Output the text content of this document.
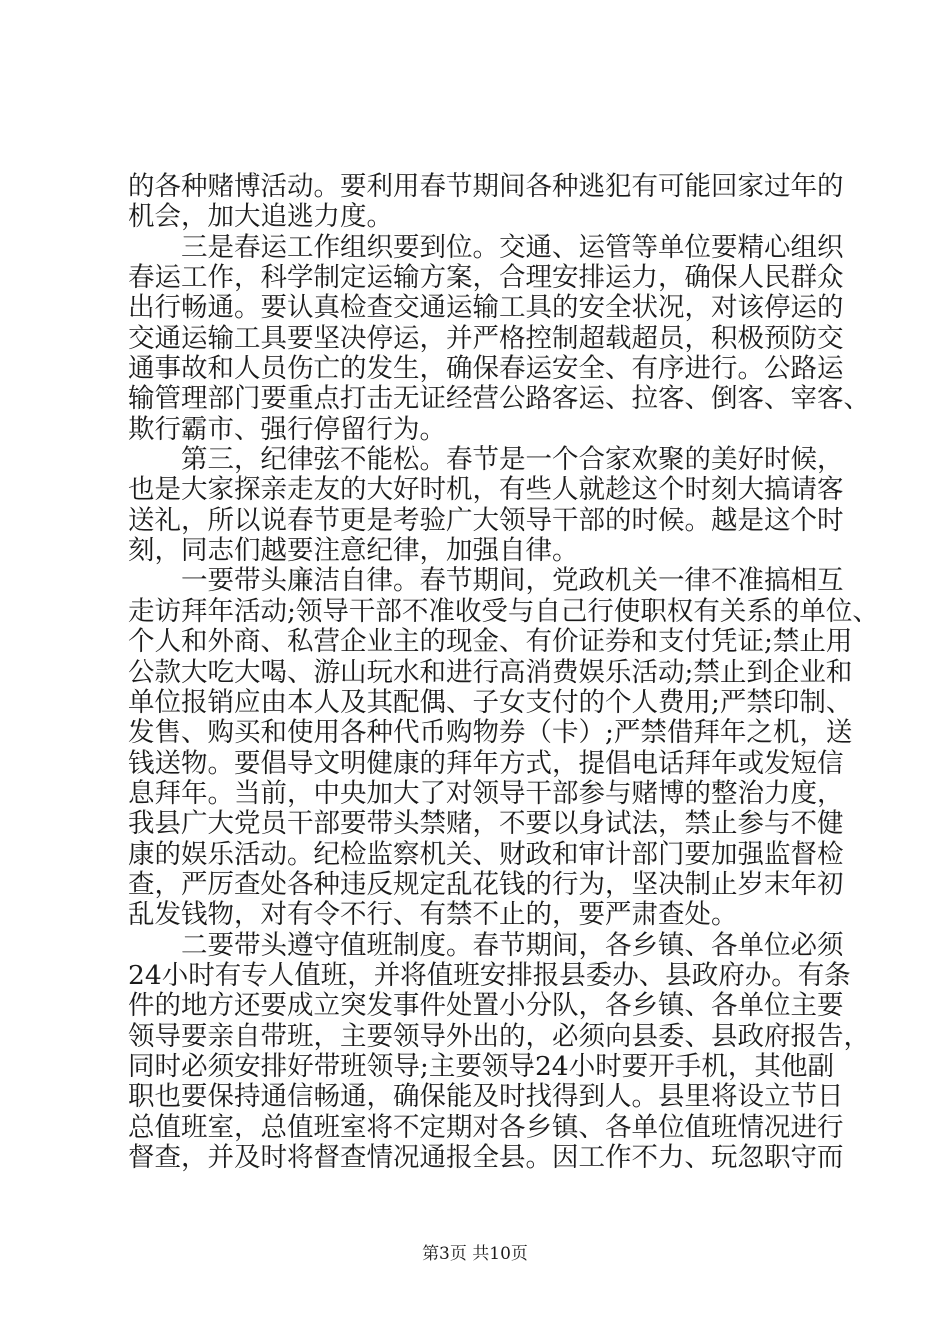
的各种赌博活动。要利用春节期间各种逃犯有可能回家过年的
机会，加大追逃力度。
三是春运工作组织要到位。交通、运管等单位要精心组织
春运工作，科学制定运输方案，合理安排运力，确保人民群众
出行畅通。要认真检查交通运输工具的安全状况，对该停运的
交通运输工具要坚决停运，并严格控制超载超员，积极预防交
通事故和人员伤亡的发生，确保春运安全、有序进行。公路运
输管理部门要重点打击无证经营公路客运、拉客、倒客、宰客、
欺行霸市、强行停留行为。
第三，纪律弦不能松。春节是一个合家欢聚的美好时候，
也是大家探亲走友的大好时机，有些人就趁这个时刻大搞请客
送礼，所以说春节更是考验广大领导干部的时候。越是这个时
刻，同志们越要注意纪律，加强自律。
一要带头廉洁自律。春节期间，党政机关一律不准搞相互
走访拜年活动;领导干部不准收受与自己行使职权有关系的单位、
个人和外商、私营企业主的现金、有价证券和支付凭证;禁止用
公款大吃大喝、游山玩水和进行高消费娱乐活动;禁止到企业和
单位报销应由本人及其配偶、子女支付的个人费用;严禁印制、
发售、购买和使用各种代币购物券（卡）;严禁借拜年之机，送
钱送物。要倡导文明健康的拜年方式，提倡电话拜年或发短信
息拜年。当前，中央加大了对领导干部参与赌博的整治力度，
我县广大党员干部要带头禁赌，不要以身试法，禁止参与不健
康的娱乐活动。纪检监察机关、财政和审计部门要加强监督检
查，严厉查处各种违反规定乱花钱的行为，坚决制止岁末年初
乱发钱物，对有令不行、有禁不止的，要严肃查处。
二要带头遵守值班制度。春节期间，各乡镇、各单位必须
24小时有专人值班，并将值班安排报县委办、县政府办。有条
件的地方还要成立突发事件处置小分队，各乡镇、各单位主要
领导要亲自带班，主要领导外出的，必须向县委、县政府报告，
同时必须安排好带班领导;主要领导24小时要开手机，其他副
职也要保持通信畅通，确保能及时找得到人。县里将设立节日
总值班室，总值班室将不定期对各乡镇、各单位值班情况进行
督查，并及时将督查情况通报全县。因工作不力、玩忽职守而
第3页 共10页
